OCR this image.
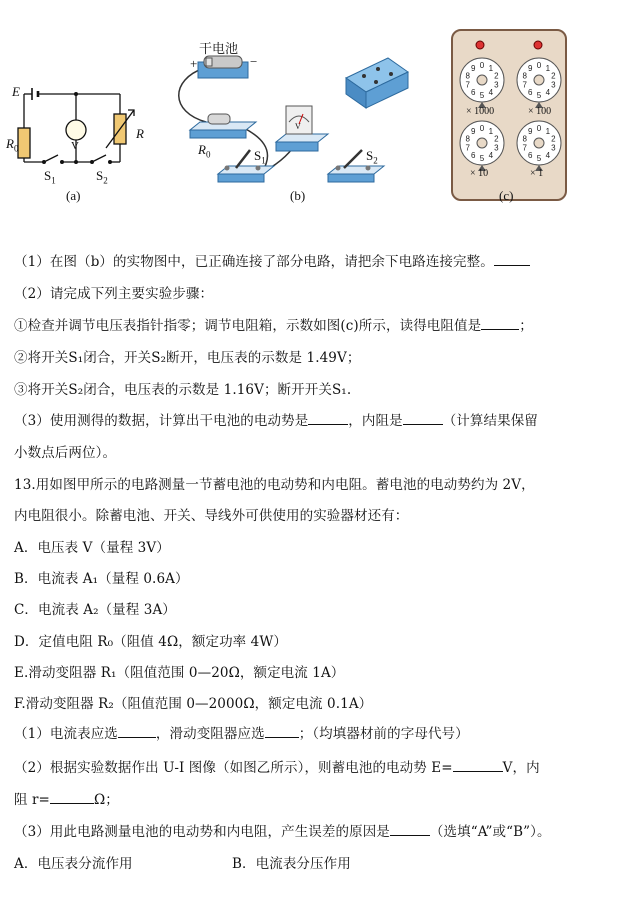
0 1
2
3
4
5
6
7
8
9	0 1
2
3
4
5
6
7
8
9
0 1
2
3
4
5
6
7
8
9	0 1
2
3
4
5
6
7
8
9
E
$R_0$	V
R
$S_1$	$S_2$
(a)
干电池
+	−
$R_0$
V
$S_1$	$S_2$
(b)
× 1000	× 100
× 10	× 1
(c)
（1）在图（b）的实物图中，已正确连接了部分电路，请把余下电路连接完整。
（2）请完成下列主要实验步骤：
①检查并调节电压表指针指零；调节电阻箱，示数如图(c)所示，读得电阻值是	；
②将开关S₁闭合，开关S₂断开，电压表的示数是 1.49V；
③将开关S₂闭合，电压表的示数是 1.16V；断开开关S₁.
（3）使用测得的数据，计算出干电池的电动势是	，内阻是	（计算结果保留
小数点后两位）。
13.用如图甲所示的电路测量一节蓄电池的电动势和内电阻。蓄电池的电动势约为 2V，
内电阻很小。除蓄电池、开关、导线外可供使用的实验器材还有：
A．电压表 V（量程 3V）
B．电流表 A₁（量程 0.6A）
C．电流表 A₂（量程 3A）
D．定值电阻 R₀（阻值 4Ω，额定功率 4W）
E.滑动变阻器 R₁（阻值范围 0—20Ω，额定电流 1A）
F.滑动变阻器 R₂（阻值范围 0—2000Ω，额定电流 0.1A）
（1）电流表应选	，滑动变阻器应选	；（均填器材前的字母代号）
（2）根据实验数据作出 U-I 图像（如图乙所示），则蓄电池的电动势 E=	V，内
阻 r=	Ω；
（3）用此电路测量电池的电动势和内电阻，产生误差的原因是	（选填“A”或“B”）。
A．电压表分流作用	B．电流表分压作用
